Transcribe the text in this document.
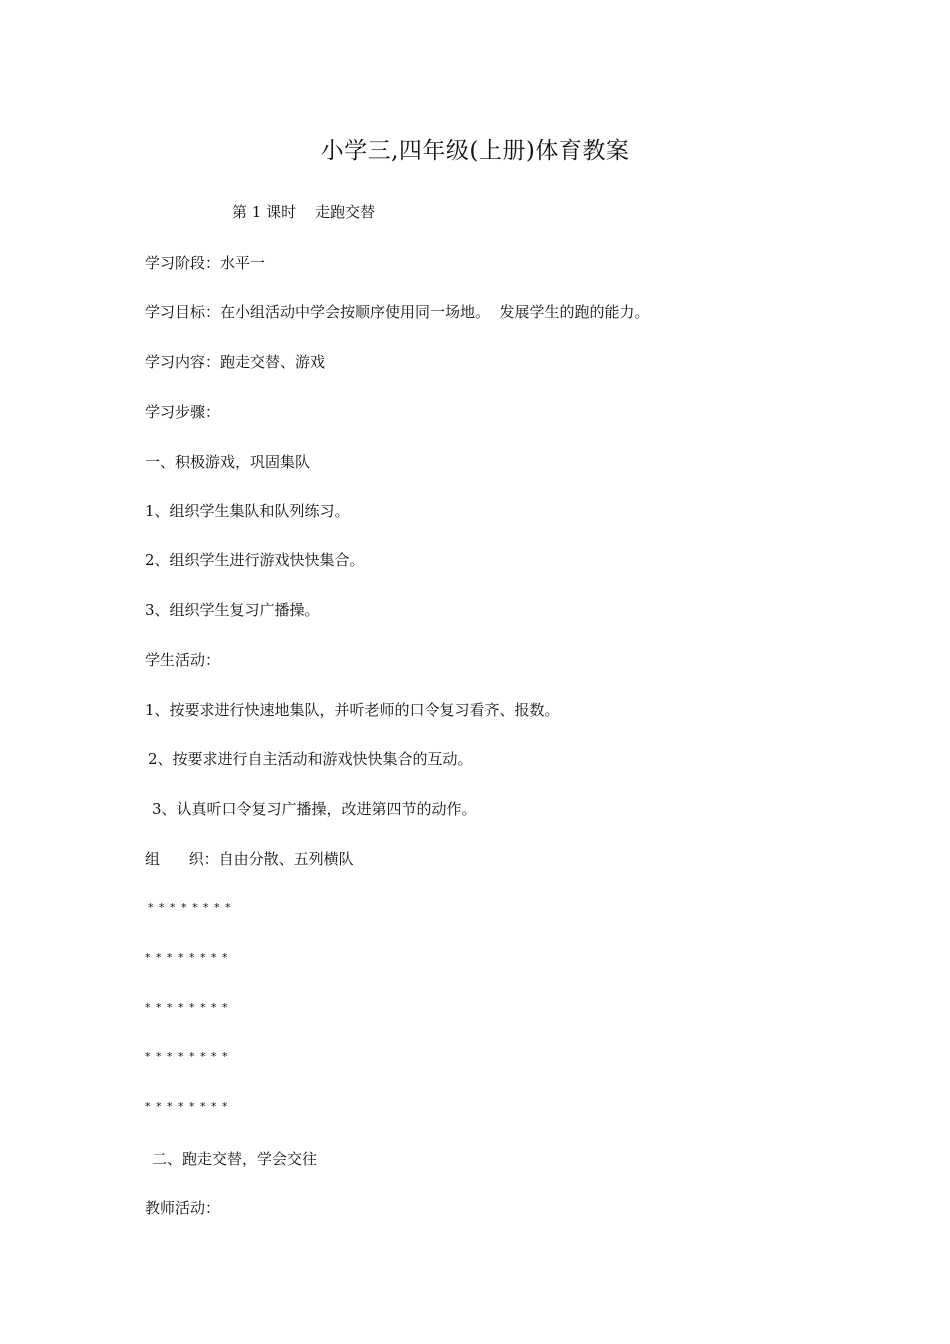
小学三,四年级(上册)体育教案
第 1 课时    走跑交替
学习阶段：水平一
学习目标：在小组活动中学会按顺序使用同一场地。  发展学生的跑的能力。
学习内容：跑走交替、游戏
学习步骤：
一、积极游戏，巩固集队
1、组织学生集队和队列练习。
2、组织学生进行游戏快快集合。
3、组织学生复习广播操。
学生活动：
1、按要求进行快速地集队，并听老师的口令复习看齐、报数。
2、按要求进行自主活动和游戏快快集合的互动。
3、认真听口令复习广播操，改进第四节的动作。
组      织：自由分散、五列横队
* * * * * * * *
* * * * * * * *
* * * * * * * *
* * * * * * * *
* * * * * * * *
二、跑走交替，学会交往
教师活动：
